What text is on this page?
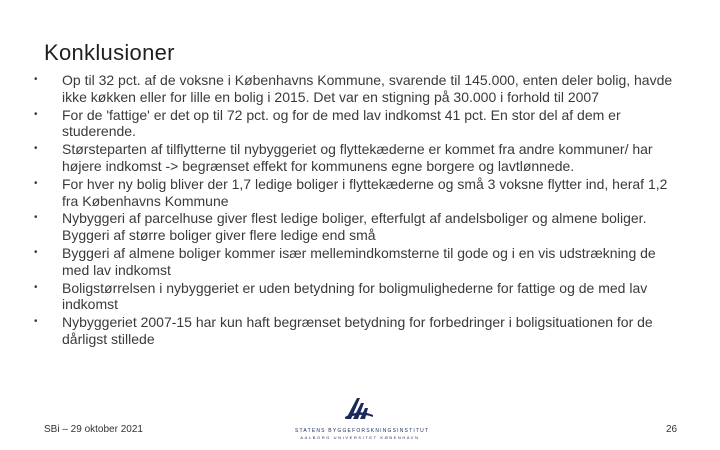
Konklusioner
• Op til 32 pct. af de voksne i Københavns Kommune, svarende til 145.000, enten deler bolig, havde ikke køkken eller for lille en bolig i 2015. Det var en stigning på 30.000 i forhold til 2007
• For de 'fattige' er det op til 72 pct. og for de med lav indkomst 41 pct. En stor del af dem er studerende.
• Størsteparten af tilflytterne til nybyggeriet og flyttekæderne er kommet fra andre kommuner/ har højere indkomst -> begrænset effekt for kommunens egne borgere og lavtlønnede.
• For hver ny bolig bliver der 1,7 ledige boliger i flyttekæderne og små 3 voksne flytter ind, heraf 1,2 fra Københavns Kommune
• Nybyggeri af parcelhuse giver flest ledige boliger, efterfulgt af andelsboliger og almene boliger. Byggeri af større boliger giver flere ledige end små
• Byggeri af almene boliger kommer især mellemindkomsterne til gode og i en vis udstrækning de med lav indkomst
• Boligstørrelsen i nybyggeriet er uden betydning for boligmulighederne for fattige og de med lav indkomst
• Nybyggeriet 2007-15 har kun haft begrænset betydning for forbedringer i boligsituationen for de dårligst stillede
STATENS BYGGEFORSKNINGSINSTITUT
AALBORG UNIVERSITET KØBENHAVN
SBi – 29 oktober 2021	26
